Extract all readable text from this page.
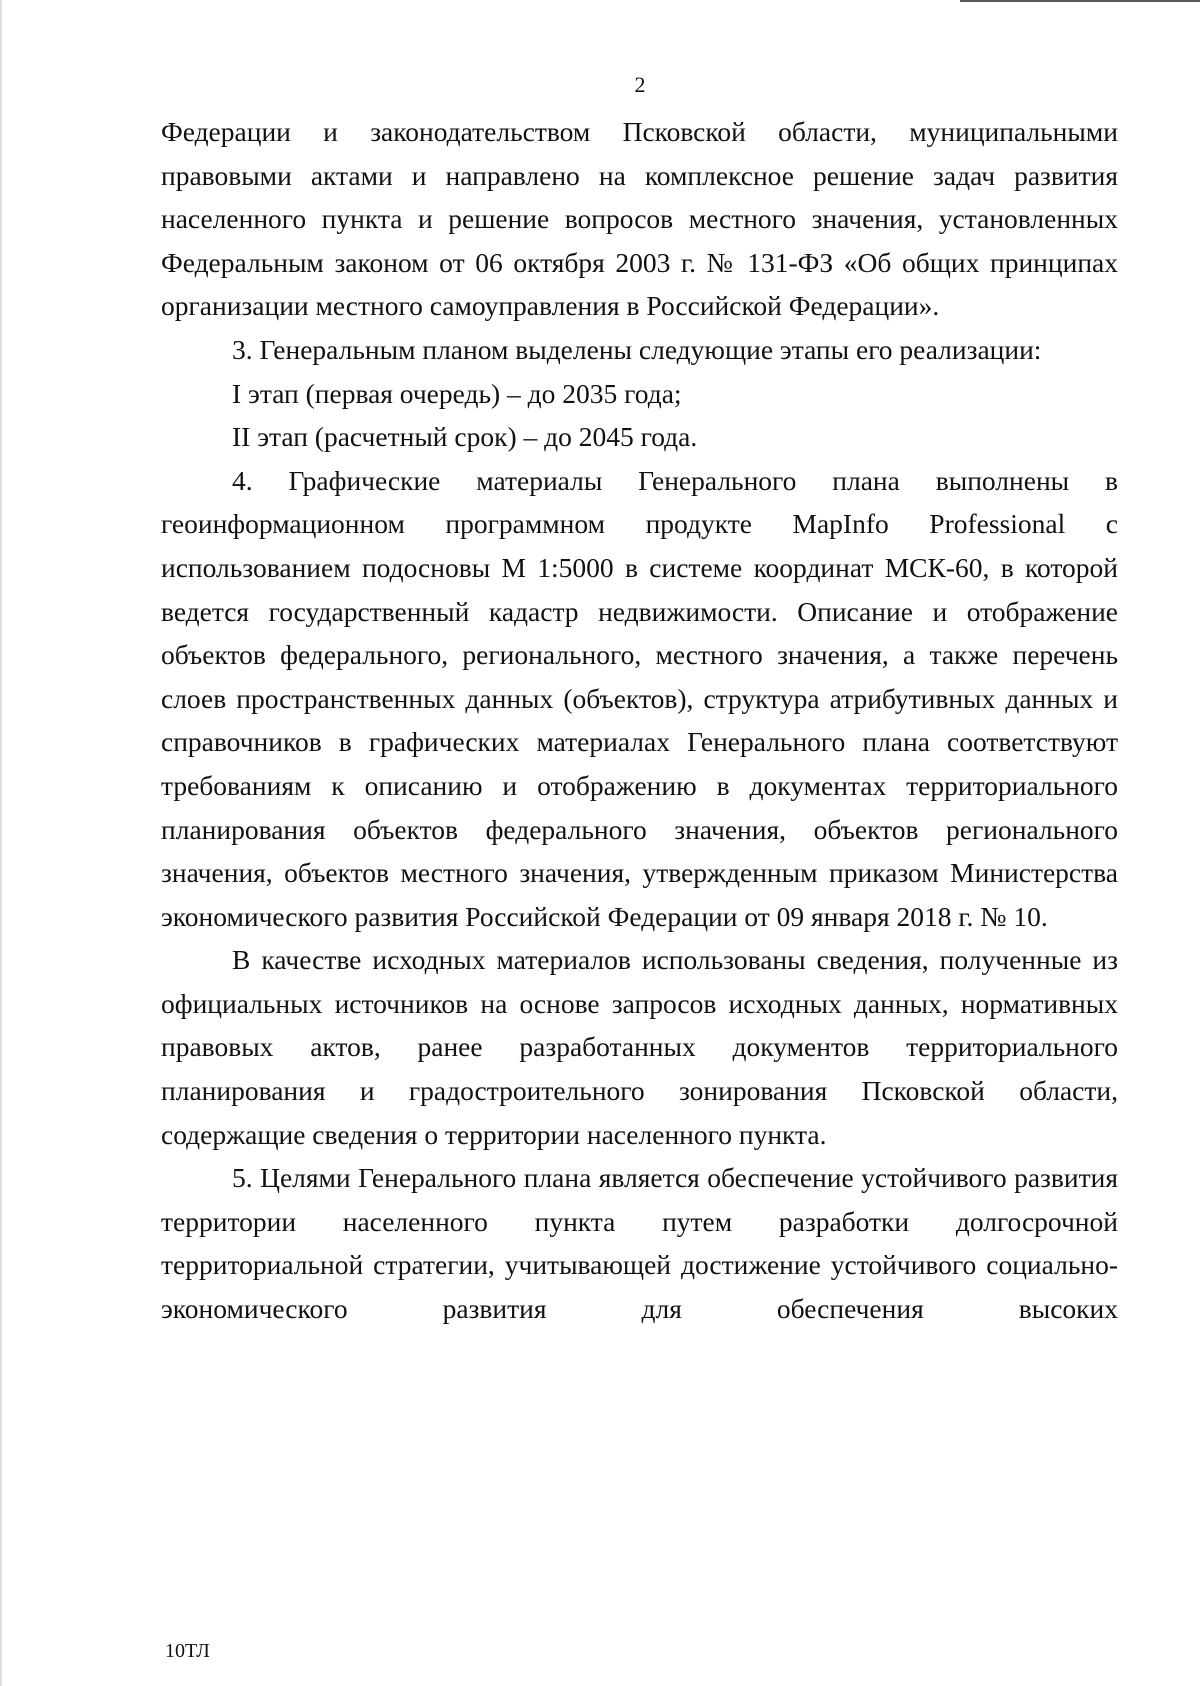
2

Федерации и законодательством Псковской области, муниципальными правовыми актами и направлено на комплексное решение задач развития населенного пункта и решение вопросов местного значения, установленных Федеральным законом от 06 октября 2003 г. № 131-ФЗ «Об общих принципах организации местного самоуправления в Российской Федерации».

3. Генеральным планом выделены следующие этапы его реализации:

I этап (первая очередь) – до 2035 года;

II этап (расчетный срок) – до 2045 года.

4. Графические материалы Генерального плана выполнены в геоинформационном программном продукте MapInfo Professional с использованием подосновы М 1:5000 в системе координат МСК-60, в которой ведется государственный кадастр недвижимости. Описание и отображение объектов федерального, регионального, местного значения, а также перечень слоев пространственных данных (объектов), структура атрибутивных данных и справочников в графических материалах Генерального плана соответствуют требованиям к описанию и отображению в документах территориального планирования объектов федерального значения, объектов регионального значения, объектов местного значения, утвержденным приказом Министерства экономического развития Российской Федерации от 09 января 2018 г. № 10.

В качестве исходных материалов использованы сведения, полученные из официальных источников на основе запросов исходных данных, нормативных правовых актов, ранее разработанных документов территориального планирования и градостроительного зонирования Псковской области, содержащие сведения о территории населенного пункта.

5. Целями Генерального плана является обеспечение устойчивого развития территории населенного пункта путем разработки долгосрочной территориальной стратегии, учитывающей достижение устойчивого социально-экономического развития для обеспечения высоких

10ТЛ
